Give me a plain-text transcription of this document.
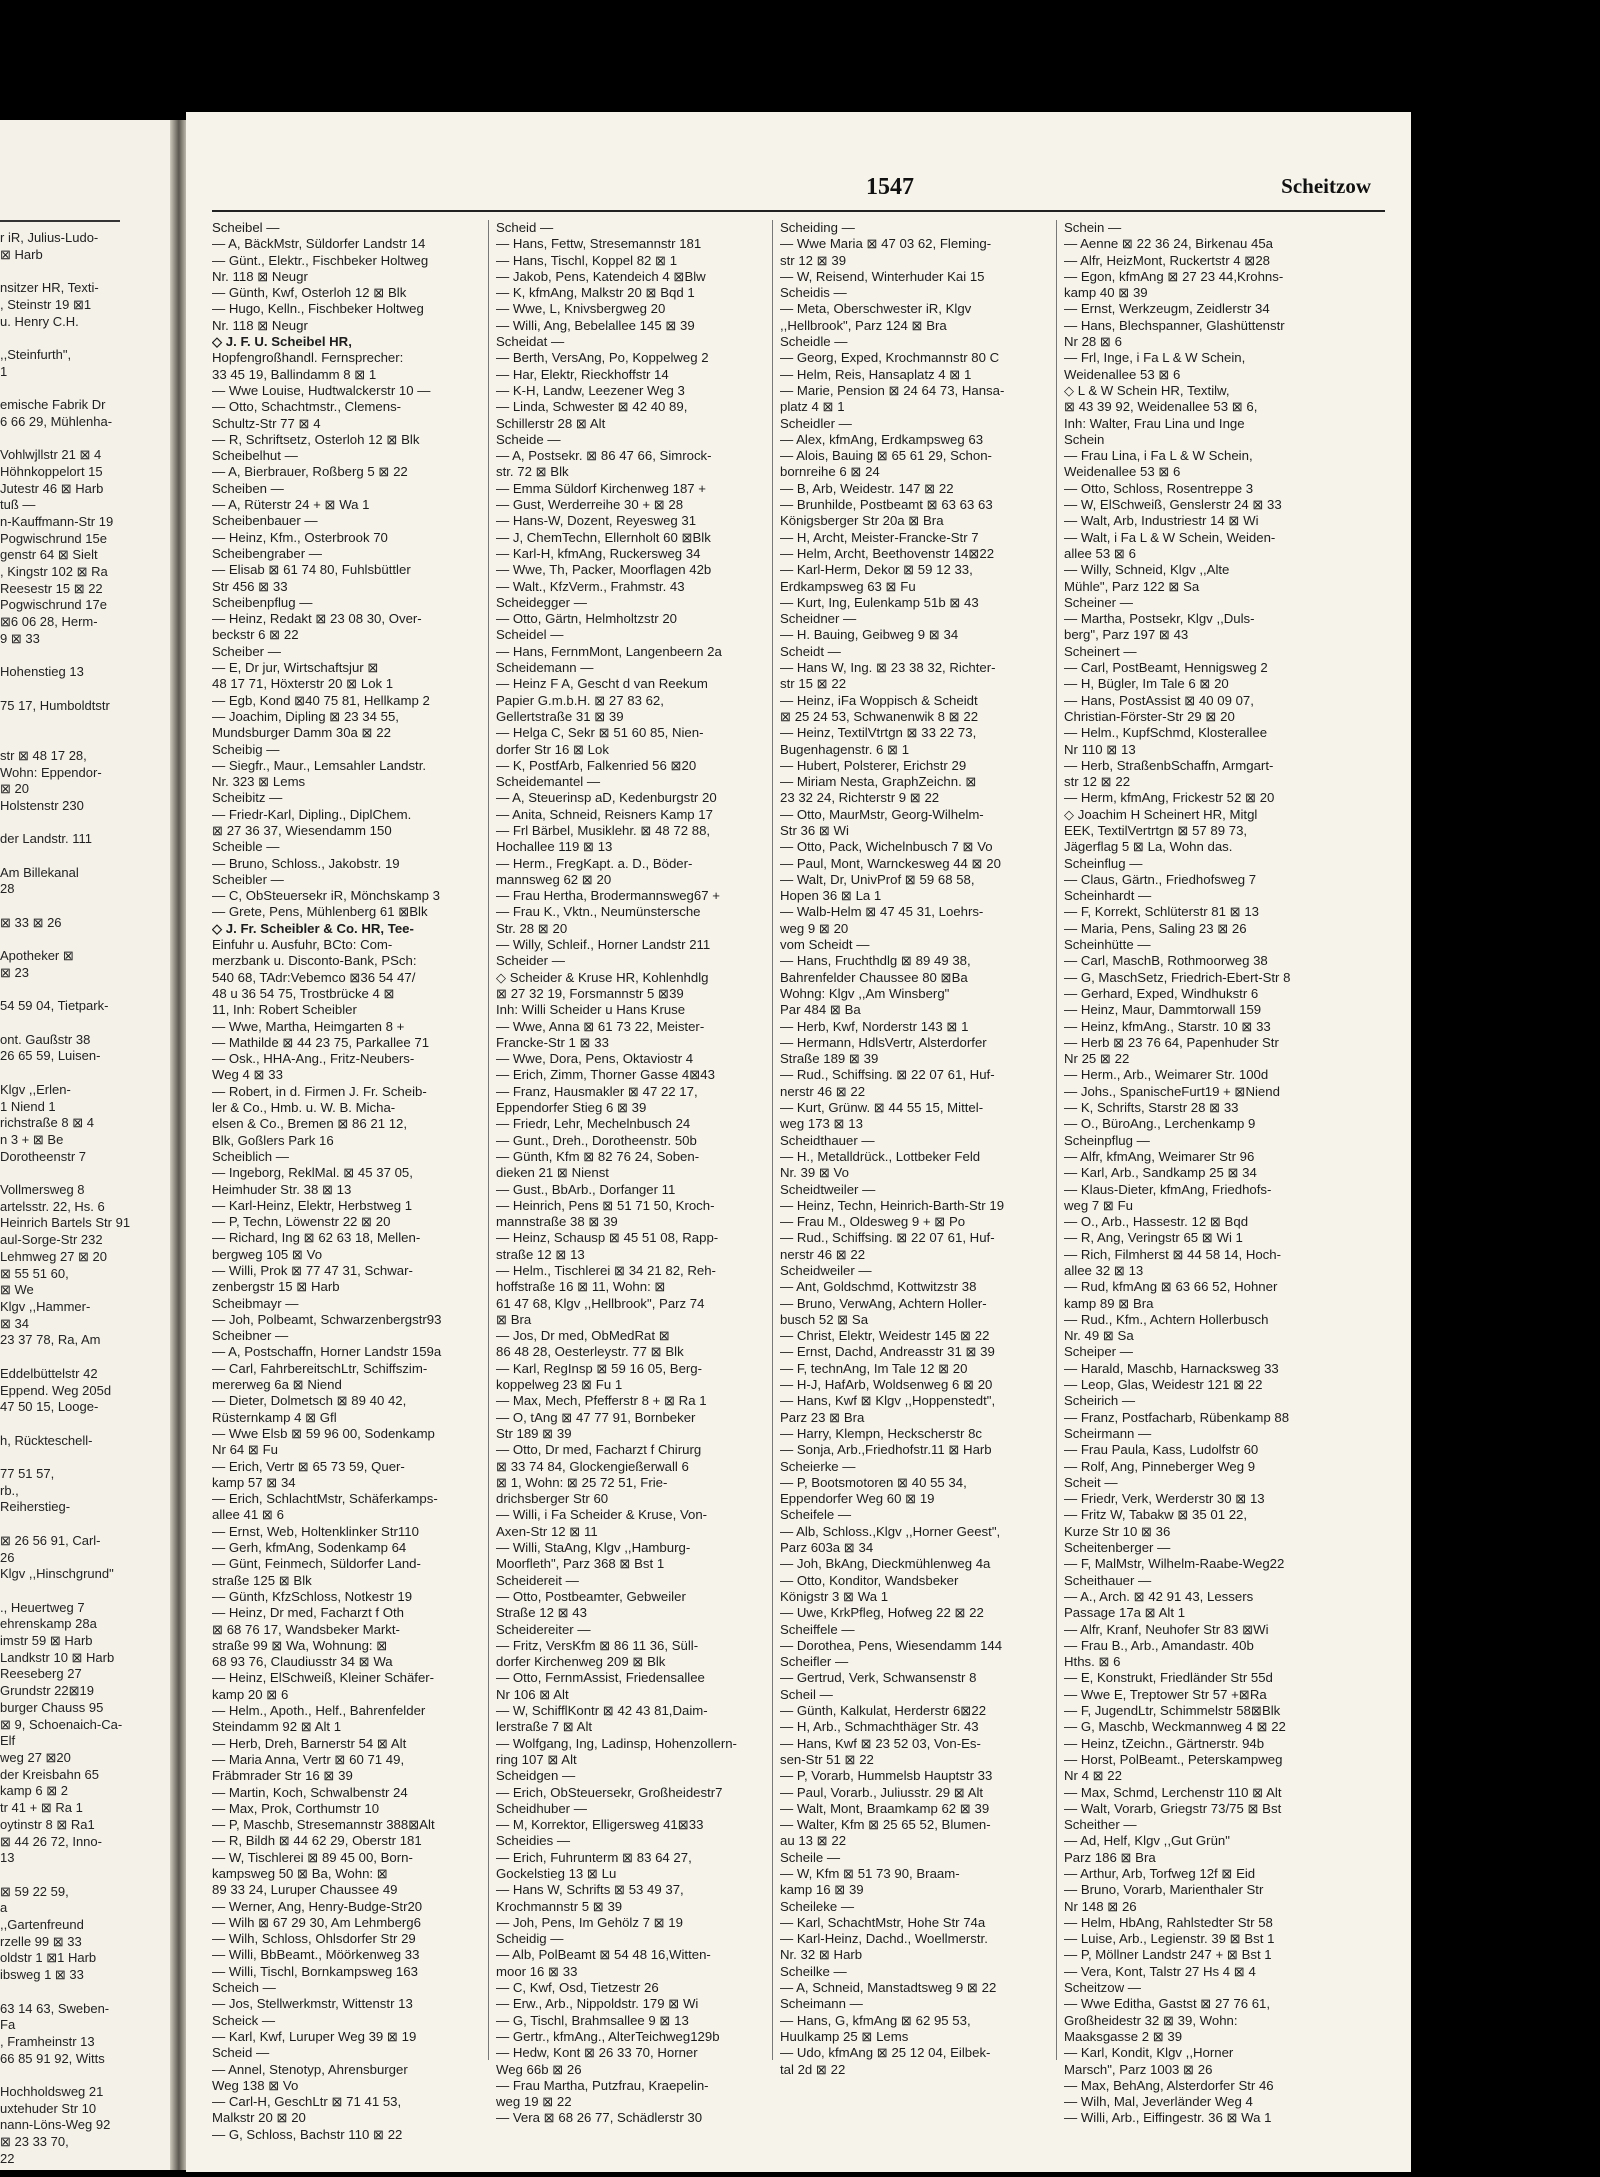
r iR, Julius-Ludo-
⊠ Harb

nsitzer HR, Texti-
, Steinstr 19 ⊠1
u. Henry C.H.

,,Steinfurth",
1

emische Fabrik Dr
6 66 29, Mühlenha-

Vohlwjllstr 21 ⊠ 4
Höhnkoppelort 15
Jutestr 46 ⊠ Harb
tuß —
n-Kauffmann-Str 19
Pogwischrund 15e
genstr 64 ⊠ Sielt
, Kingstr 102 ⊠ Ra
Reesestr 15 ⊠ 22
Pogwischrund 17e
⊠6 06 28, Herm-
9 ⊠ 33

Hohenstieg 13

75 17, Humboldtstr

str ⊠ 48 17 28,
Wohn: Eppendor-
⊠ 20
Holstenstr 230

der Landstr. 111

Am Billekanal
28

⊠ 33 ⊠ 26

Apotheker ⊠
⊠ 23

54 59 04, Tietpark-

ont. Gaußstr 38
26 65 59, Luisen-

Klgv ,,Erlen-
1 Niend 1
richstraße 8 ⊠ 4
n 3 + ⊠ Be
Dorotheenstr 7

Vollmersweg 8
artelsstr. 22, Hs. 6
Heinrich Bartels Str 91
aul-Sorge-Str 232
Lehmweg 27 ⊠ 20
⊠ 55 51 60,
⊠ We
Klgv ,,Hammer-
⊠ 34
23 37 78, Ra, Am

Eddelbüttelstr 42
Eppend. Weg 205d
47 50 15, Looge-

h, Rückteschell-

77 51 57,
rb.,
Reiherstieg-

⊠ 26 56 91, Carl-
26
Klgv ,,Hinschgrund"

., Heuertweg 7
ehrenskamp 28a
imstr 59 ⊠ Harb
Landkstr 10 ⊠ Harb
Reeseberg 27
Grundstr 22⊠19
burger Chauss 95
⊠ 9, Schoenaich-Ca-
Elf
weg 27 ⊠20
der Kreisbahn 65
kamp 6 ⊠ 2
tr 41 + ⊠ Ra 1
oytinstr 8 ⊠ Ra1
⊠ 44 26 72, Inno-
13

⊠ 59 22 59,
a
,,Gartenfreund
rzelle 99 ⊠ 33
oldstr 1 ⊠1 Harb
ibsweg 1 ⊠ 33

63 14 63, Sweben-
Fa
, Framheinstr 13
66 85 91 92, Witts

Hochholdsweg 21
uxtehuder Str 10
nann-Löns-Weg 92
⊠ 23 33 70,
22
1547	Scheitzow
Scheibel —
— A, BäckMstr, Süldorfer Landstr 14
— Günt., Elektr., Fischbeker Holtweg
Nr. 118 ⊠ Neugr
— Günth, Kwf, Osterloh 12 ⊠ Blk
— Hugo, Kelln., Fischbeker Holtweg
Nr. 118 ⊠ Neugr
◇ J. F. U. Scheibel HR,
Hopfengroßhandl. Fernsprecher:
33 45 19, Ballindamm 8 ⊠ 1
— Wwe Louise, Hudtwalckerstr 10 —
— Otto, Schachtmstr., Clemens-
Schultz-Str 77 ⊠ 4
— R, Schriftsetz, Osterloh 12 ⊠ Blk
Scheibelhut —
— A, Bierbrauer, Roßberg 5 ⊠ 22
Scheiben —
— A, Rüterstr 24 + ⊠ Wa 1
Scheibenbauer —
— Heinz, Kfm., Osterbrook 70
Scheibengraber —
— Elisab ⊠ 61 74 80, Fuhlsbüttler
Str 456 ⊠ 33
Scheibenpflug —
— Heinz, Redakt ⊠ 23 08 30, Over-
beckstr 6 ⊠ 22
Scheiber —
— E, Dr jur, Wirtschaftsjur ⊠
48 17 71, Höxterstr 20 ⊠ Lok 1
— Egb, Kond ⊠40 75 81, Hellkamp 2
— Joachim, Dipling ⊠ 23 34 55,
Mundsburger Damm 30a ⊠ 22
Scheibig —
— Siegfr., Maur., Lemsahler Landstr.
Nr. 323 ⊠ Lems
Scheibitz —
— Friedr-Karl, Dipling., DiplChem.
⊠ 27 36 37, Wiesendamm 150
Scheible —
— Bruno, Schloss., Jakobstr. 19
Scheibler —
— C, ObSteuersekr iR, Mönchskamp 3
— Grete, Pens, Mühlenberg 61 ⊠Blk
◇ J. Fr. Scheibler & Co. HR, Tee-
Einfuhr u. Ausfuhr, BCto: Com-
merzbank u. Disconto-Bank, PSch:
540 68, TAdr:Vebemco ⊠36 54 47/
48 u 36 54 75, Trostbrücke 4 ⊠
11, Inh: Robert Scheibler
— Wwe, Martha, Heimgarten 8 +
— Mathilde ⊠ 44 23 75, Parkallee 71
— Osk., HHA-Ang., Fritz-Neubers-
Weg 4 ⊠ 33
— Robert, in d. Firmen J. Fr. Scheib-
ler & Co., Hmb. u. W. B. Micha-
elsen & Co., Bremen ⊠ 86 21 12,
Blk, Goßlers Park 16
Scheiblich —
— Ingeborg, ReklMal. ⊠ 45 37 05,
Heimhuder Str. 38 ⊠ 13
— Karl-Heinz, Elektr, Herbstweg 1
— P, Techn, Löwenstr 22 ⊠ 20
— Richard, Ing ⊠ 62 63 18, Mellen-
bergweg 105 ⊠ Vo
— Willi, Prok ⊠ 77 47 31, Schwar-
zenbergstr 15 ⊠ Harb
Scheibmayr —
— Joh, Polbeamt, Schwarzenbergstr93
Scheibner —
— A, Postschaffn, Horner Landstr 159a
— Carl, FahrbereitschLtr, Schiffszim-
mererweg 6a ⊠ Niend
— Dieter, Dolmetsch ⊠ 89 40 42,
Rüsternkamp 4 ⊠ Gfl
— Wwe Elsb ⊠ 59 96 00, Sodenkamp
Nr 64 ⊠ Fu
— Erich, Vertr ⊠ 65 73 59, Quer-
kamp 57 ⊠ 34
— Erich, SchlachtMstr, Schäferkamps-
allee 41 ⊠ 6
— Ernst, Web, Holtenklinker Str110
— Gerh, kfmAng, Sodenkamp 64
— Günt, Feinmech, Süldorfer Land-
straße 125 ⊠ Blk
— Günth, KfzSchloss, Notkestr 19
— Heinz, Dr med, Facharzt f Oth
⊠ 68 76 17, Wandsbeker Markt-
straße 99 ⊠ Wa, Wohnung: ⊠
68 93 76, Claudiusstr 34 ⊠ Wa
— Heinz, ElSchweiß, Kleiner Schäfer-
kamp 20 ⊠ 6
— Helm., Apoth., Helf., Bahrenfelder
Steindamm 92 ⊠ Alt 1
— Herb, Dreh, Barnerstr 54 ⊠ Alt
— Maria Anna, Vertr ⊠ 60 71 49,
Fräbmrader Str 16 ⊠ 39
— Martin, Koch, Schwalbenstr 24
— Max, Prok, Corthumstr 10
— P, Maschb, Stresemannstr 388⊠Alt
— R, Bildh ⊠ 44 62 29, Oberstr 181
— W, Tischlerei ⊠ 89 45 00, Born-
kampsweg 50 ⊠ Ba, Wohn: ⊠
89 33 24, Luruper Chaussee 49
— Werner, Ang, Henry-Budge-Str20
— Wilh ⊠ 67 29 30, Am Lehmberg6
— Wilh, Schloss, Ohlsdorfer Str 29
— Willi, BbBeamt., Möörkenweg 33
— Willi, Tischl, Bornkampsweg 163
Scheich —
— Jos, Stellwerkmstr, Wittenstr 13
Scheick —
— Karl, Kwf, Luruper Weg 39 ⊠ 19
Scheid —
— Annel, Stenotyp, Ahrensburger
Weg 138 ⊠ Vo
— Carl-H, GeschLtr ⊠ 71 41 53,
Malkstr 20 ⊠ 20
— G, Schloss, Bachstr 110 ⊠ 22
Scheid —
— Hans, Fettw, Stresemannstr 181
— Hans, Tischl, Koppel 82 ⊠ 1
— Jakob, Pens, Katendeich 4 ⊠Blw
— K, kfmAng, Malkstr 20 ⊠ Bqd 1
— Wwe, L, Knivsbergweg 20
— Willi, Ang, Bebelallee 145 ⊠ 39
Scheidat —
— Berth, VersAng, Po, Koppelweg 2
— Har, Elektr, Rieckhoffstr 14
— K-H, Landw, Leezener Weg 3
— Linda, Schwester ⊠ 42 40 89,
Schillerstr 28 ⊠ Alt
Scheide —
— A, Postsekr. ⊠ 86 47 66, Simrock-
str. 72 ⊠ Blk
— Emma Süldorf Kirchenweg 187 +
— Gust, Werderreihe 30 + ⊠ 28
— Hans-W, Dozent, Reyesweg 31
— J, ChemTechn, Ellernholt 60 ⊠Blk
— Karl-H, kfmAng, Ruckersweg 34
— Wwe, Th, Packer, Moorflagen 42b
— Walt., KfzVerm., Frahmstr. 43
Scheidegger —
— Otto, Gärtn, Helmholtzstr 20
Scheidel —
— Hans, FernmMont, Langenbeern 2a
Scheidemann —
— Heinz F A, Gescht d van Reekum
Papier G.m.b.H. ⊠ 27 83 62,
Gellertstraße 31 ⊠ 39
— Helga C, Sekr ⊠ 51 60 85, Nien-
dorfer Str 16 ⊠ Lok
— K, PostfArb, Falkenried 56 ⊠20
Scheidemantel —
— A, Steuerinsp aD, Kedenburgstr 20
— Anita, Schneid, Reisners Kamp 17
— Frl Bärbel, Musiklehr. ⊠ 48 72 88,
Hochallee 119 ⊠ 13
— Herm., FregKapt. a. D., Böder-
mannsweg 62 ⊠ 20
— Frau Hertha, Brodermannsweg67 +
— Frau K., Vktn., Neumünstersche
Str. 28 ⊠ 20
— Willy, Schleif., Horner Landstr 211
Scheider —
◇ Scheider & Kruse HR, Kohlenhdlg
⊠ 27 32 19, Forsmannstr 5 ⊠39
Inh: Willi Scheider u Hans Kruse
— Wwe, Anna ⊠ 61 73 22, Meister-
Francke-Str 1 ⊠ 33
— Wwe, Dora, Pens, Oktaviostr 4
— Erich, Zimm, Thorner Gasse 4⊠43
— Franz, Hausmakler ⊠ 47 22 17,
Eppendorfer Stieg 6 ⊠ 39
— Friedr, Lehr, Mechelnbusch 24
— Gunt., Dreh., Dorotheenstr. 50b
— Günth, Kfm ⊠ 82 76 24, Soben-
dieken 21 ⊠ Nienst
— Gust., BbArb., Dorfanger 11
— Heinrich, Pens ⊠ 51 71 50, Kroch-
mannstraße 38 ⊠ 39
— Heinz, Schausp ⊠ 45 51 08, Rapp-
straße 12 ⊠ 13
— Helm., Tischlerei ⊠ 34 21 82, Reh-
hoffstraße 16 ⊠ 11, Wohn: ⊠
61 47 68, Klgv ,,Hellbrook", Parz 74
⊠ Bra
— Jos, Dr med, ObMedRat ⊠
86 48 28, Oesterleystr. 77 ⊠ Blk
— Karl, RegInsp ⊠ 59 16 05, Berg-
koppelweg 23 ⊠ Fu 1
— Max, Mech, Pfefferstr 8 + ⊠ Ra 1
— O, tAng ⊠ 47 77 91, Bornbeker
Str 189 ⊠ 39
— Otto, Dr med, Facharzt f Chirurg
⊠ 33 74 84, Glockengießerwall 6
⊠ 1, Wohn: ⊠ 25 72 51, Frie-
drichsberger Str 60
— Willi, i Fa Scheider & Kruse, Von-
Axen-Str 12 ⊠ 11
— Willi, StaAng, Klgv ,,Hamburg-
Moorfleth", Parz 368 ⊠ Bst 1
Scheidereit —
— Otto, Postbeamter, Gebweiler
Straße 12 ⊠ 43
Scheidereiter —
— Fritz, VersKfm ⊠ 86 11 36, Süll-
dorfer Kirchenweg 209 ⊠ Blk
— Otto, FernmAssist, Friedensallee
Nr 106 ⊠ Alt
— W, SchifflKontr ⊠ 42 43 81,Daim-
lerstraße 7 ⊠ Alt
— Wolfgang, Ing, Ladinsp, Hohenzollern-
ring 107 ⊠ Alt
Scheidgen —
— Erich, ObSteuersekr, Großheidestr7
Scheidhuber —
— M, Korrektor, Elligersweg 41⊠33
Scheidies —
— Erich, Fuhrunterm ⊠ 83 64 27,
Gockelstieg 13 ⊠ Lu
— Hans W, Schrifts ⊠ 53 49 37,
Krochmannstr 5 ⊠ 39
— Joh, Pens, Im Gehölz 7 ⊠ 19
Scheidig —
— Alb, PolBeamt ⊠ 54 48 16,Witten-
moor 16 ⊠ 33
— C, Kwf, Osd, Tietzestr 26
— Erw., Arb., Nippoldstr. 179 ⊠ Wi
— G, Tischl, Brahmsallee 9 ⊠ 13
— Gertr., kfmAng., AlterTeichweg129b
— Hedw, Kont ⊠ 26 33 70, Horner
Weg 66b ⊠ 26
— Frau Martha, Putzfrau, Kraepelin-
weg 19 ⊠ 22
— Vera ⊠ 68 26 77, Schädlerstr 30
Scheiding —
— Wwe Maria ⊠ 47 03 62, Fleming-
str 12 ⊠ 39
— W, Reisend, Winterhuder Kai 15
Scheidis —
— Meta, Oberschwester iR, Klgv
,,Hellbrook", Parz 124 ⊠ Bra
Scheidle —
— Georg, Exped, Krochmannstr 80 C
— Helm, Reis, Hansaplatz 4 ⊠ 1
— Marie, Pension ⊠ 24 64 73, Hansa-
platz 4 ⊠ 1
Scheidler —
— Alex, kfmAng, Erdkampsweg 63
— Alois, Bauing ⊠ 65 61 29, Schon-
bornreihe 6 ⊠ 24
— B, Arb, Weidestr. 147 ⊠ 22
— Brunhilde, Postbeamt ⊠ 63 63 63
Königsberger Str 20a ⊠ Bra
— H, Archt, Meister-Francke-Str 7
— Helm, Archt, Beethovenstr 14⊠22
— Karl-Herm, Dekor ⊠ 59 12 33,
Erdkampsweg 63 ⊠ Fu
— Kurt, Ing, Eulenkamp 51b ⊠ 43
Scheidner —
— H. Bauing, Geibweg 9 ⊠ 34
Scheidt —
— Hans W, Ing. ⊠ 23 38 32, Richter-
str 15 ⊠ 22
— Heinz, iFa Woppisch & Scheidt
⊠ 25 24 53, Schwanenwik 8 ⊠ 22
— Heinz, TextilVtrtgn ⊠ 33 22 73,
Bugenhagenstr. 6 ⊠ 1
— Hubert, Polsterer, Erichstr 29
— Miriam Nesta, GraphZeichn. ⊠
23 32 24, Richterstr 9 ⊠ 22
— Otto, MaurMstr, Georg-Wilhelm-
Str 36 ⊠ Wi
— Otto, Pack, Wichelnbusch 7 ⊠ Vo
— Paul, Mont, Warnckesweg 44 ⊠ 20
— Walt, Dr, UnivProf ⊠ 59 68 58,
Hopen 36 ⊠ La 1
— Walb-Helm ⊠ 47 45 31, Loehrs-
weg 9 ⊠ 20
vom Scheidt —
— Hans, Fruchthdlg ⊠ 89 49 38,
Bahrenfelder Chaussee 80 ⊠Ba
Wohng: Klgv ,,Am Winsberg"
Par 484 ⊠ Ba
— Herb, Kwf, Norderstr 143 ⊠ 1
— Hermann, HdlsVertr, Alsterdorfer
Straße 189 ⊠ 39
— Rud., Schiffsing. ⊠ 22 07 61, Huf-
nerstr 46 ⊠ 22
— Kurt, Grünw. ⊠ 44 55 15, Mittel-
weg 173 ⊠ 13
Scheidthauer —
— H., Metalldrück., Lottbeker Feld
Nr. 39 ⊠ Vo
Scheidtweiler —
— Heinz, Techn, Heinrich-Barth-Str 19
— Frau M., Oldesweg 9 + ⊠ Po
— Rud., Schiffsing. ⊠ 22 07 61, Huf-
nerstr 46 ⊠ 22
Scheidweiler —
— Ant, Goldschmd, Kottwitzstr 38
— Bruno, VerwAng, Achtern Holler-
busch 52 ⊠ Sa
— Christ, Elektr, Weidestr 145 ⊠ 22
— Ernst, Dachd, Andreasstr 31 ⊠ 39
— F, technAng, Im Tale 12 ⊠ 20
— H-J, HafArb, Woldsenweg 6 ⊠ 20
— Hans, Kwf ⊠ Klgv ,,Hoppenstedt",
Parz 23 ⊠ Bra
— Harry, Klempn, Heckscherstr 8c
— Sonja, Arb.,Friedhofstr.11 ⊠ Harb
Scheierke —
— P, Bootsmotoren ⊠ 40 55 34,
Eppendorfer Weg 60 ⊠ 19
Scheifele —
— Alb, Schloss.,Klgv ,,Horner Geest",
Parz 603a ⊠ 34
— Joh, BkAng, Dieckmühlenweg 4a
— Otto, Konditor, Wandsbeker
Königstr 3 ⊠ Wa 1
— Uwe, KrkPfleg, Hofweg 22 ⊠ 22
Scheiffele —
— Dorothea, Pens, Wiesendamm 144
Scheifler —
— Gertrud, Verk, Schwansenstr 8
Scheil —
— Günth, Kalkulat, Herderstr 6⊠22
— H, Arb., Schmachthäger Str. 43
— Hans, Kwf ⊠ 23 52 03, Von-Es-
sen-Str 51 ⊠ 22
— P, Vorarb, Hummelsb Hauptstr 33
— Paul, Vorarb., Juliusstr. 29 ⊠ Alt
— Walt, Mont, Braamkamp 62 ⊠ 39
— Walter, Kfm ⊠ 25 65 52, Blumen-
au 13 ⊠ 22
Scheile —
— W, Kfm ⊠ 51 73 90, Braam-
kamp 16 ⊠ 39
Scheileke —
— Karl, SchachtMstr, Hohe Str 74a
— Karl-Heinz, Dachd., Woellmerstr.
Nr. 32 ⊠ Harb
Scheilke —
— A, Schneid, Manstadtsweg 9 ⊠ 22
Scheimann —
— Hans, G, kfmAng ⊠ 62 95 53,
Huulkamp 25 ⊠ Lems
— Udo, kfmAng ⊠ 25 12 04, Eilbek-
tal 2d ⊠ 22
Schein —
— Aenne ⊠ 22 36 24, Birkenau 45a
— Alfr, HeizMont, Ruckertstr 4 ⊠28
— Egon, kfmAng ⊠ 27 23 44,Krohns-
kamp 40 ⊠ 39
— Ernst, Werkzeugm, Zeidlerstr 34
— Hans, Blechspanner, Glashüttenstr
Nr 28 ⊠ 6
— Frl, Inge, i Fa L & W Schein,
Weidenallee 53 ⊠ 6
◇ L & W Schein HR, Textilw,
⊠ 43 39 92, Weidenallee 53 ⊠ 6,
Inh: Walter, Frau Lina und Inge
Schein
— Frau Lina, i Fa L & W Schein,
Weidenallee 53 ⊠ 6
— Otto, Schloss, Rosentreppe 3
— W, ElSchweiß, Genslerstr 24 ⊠ 33
— Walt, Arb, Industriestr 14 ⊠ Wi
— Walt, i Fa L & W Schein, Weiden-
allee 53 ⊠ 6
— Willy, Schneid, Klgv ,,Alte
Mühle", Parz 122 ⊠ Sa
Scheiner —
— Martha, Postsekr, Klgv ,,Duls-
berg", Parz 197 ⊠ 43
Scheinert —
— Carl, PostBeamt, Hennigsweg 2
— H, Bügler, Im Tale 6 ⊠ 20
— Hans, PostAssist ⊠ 40 09 07,
Christian-Förster-Str 29 ⊠ 20
— Helm., KupfSchmd, Klosterallee
Nr 110 ⊠ 13
— Herb, StraßenbSchaffn, Armgart-
str 12 ⊠ 22
— Herm, kfmAng, Frickestr 52 ⊠ 20
◇ Joachim H Scheinert HR, Mitgl
EEK, TextilVertrtgn ⊠ 57 89 73,
Jägerflag 5 ⊠ La, Wohn das.
Scheinflug —
— Claus, Gärtn., Friedhofsweg 7
Scheinhardt —
— F, Korrekt, Schlüterstr 81 ⊠ 13
— Maria, Pens, Saling 23 ⊠ 26
Scheinhütte —
— Carl, MaschB, Rothmoorweg 38
— G, MaschSetz, Friedrich-Ebert-Str 8
— Gerhard, Exped, Windhukstr 6
— Heinz, Maur, Dammtorwall 159
— Heinz, kfmAng., Starstr. 10 ⊠ 33
— Herb ⊠ 23 76 64, Papenhuder Str
Nr 25 ⊠ 22
— Herm., Arb., Weimarer Str. 100d
— Johs., SpanischeFurt19 + ⊠Niend
— K, Schrifts, Starstr 28 ⊠ 33
— O., BüroAng., Lerchenkamp 9
Scheinpflug —
— Alfr, kfmAng, Weimarer Str 96
— Karl, Arb., Sandkamp 25 ⊠ 34
— Klaus-Dieter, kfmAng, Friedhofs-
weg 7 ⊠ Fu
— O., Arb., Hassestr. 12 ⊠ Bqd
— R, Ang, Veringstr 65 ⊠ Wi 1
— Rich, Filmherst ⊠ 44 58 14, Hoch-
allee 32 ⊠ 13
— Rud, kfmAng ⊠ 63 66 52, Hohner
kamp 89 ⊠ Bra
— Rud., Kfm., Achtern Hollerbusch
Nr. 49 ⊠ Sa
Scheiper —
— Harald, Maschb, Harnacksweg 33
— Leop, Glas, Weidestr 121 ⊠ 22
Scheirich —
— Franz, Postfacharb, Rübenkamp 88
Scheirmann —
— Frau Paula, Kass, Ludolfstr 60
— Rolf, Ang, Pinneberger Weg 9
Scheit —
— Friedr, Verk, Werderstr 30 ⊠ 13
— Fritz W, Tabakw ⊠ 35 01 22,
Kurze Str 10 ⊠ 36
Scheitenberger —
— F, MalMstr, Wilhelm-Raabe-Weg22
Scheithauer —
— A., Arch. ⊠ 42 91 43, Lessers
Passage 17a ⊠ Alt 1
— Alfr, Kranf, Neuhofer Str 83 ⊠Wi
— Frau B., Arb., Amandastr. 40b
Hths. ⊠ 6
— E, Konstrukt, Friedländer Str 55d
— Wwe E, Treptower Str 57 +⊠Ra
— F, JugendLtr, Schimmelstr 58⊠Blk
— G, Maschb, Weckmannweg 4 ⊠ 22
— Heinz, tZeichn., Gärtnerstr. 94b
— Horst, PolBeamt., Peterskampweg
Nr 4 ⊠ 22
— Max, Schmd, Lerchenstr 110 ⊠ Alt
— Walt, Vorarb, Griegstr 73/75 ⊠ Bst
Scheither —
— Ad, Helf, Klgv ,,Gut Grün"
Parz 186 ⊠ Bra
— Arthur, Arb, Torfweg 12f ⊠ Eid
— Bruno, Vorarb, Marienthaler Str
Nr 148 ⊠ 26
— Helm, HbAng, Rahlstedter Str 58
— Luise, Arb., Legienstr. 39 ⊠ Bst 1
— P, Möllner Landstr 247 + ⊠ Bst 1
— Vera, Kont, Talstr 27 Hs 4 ⊠ 4
Scheitzow —
— Wwe Editha, Gastst ⊠ 27 76 61,
Großheidestr 32 ⊠ 39, Wohn:
Maaksgasse 2 ⊠ 39
— Karl, Kondit, Klgv ,,Horner
Marsch", Parz 1003 ⊠ 26
— Max, BehAng, Alsterdorfer Str 46
— Wilh, Mal, Jeverländer Weg 4
— Willi, Arb., Eiffingestr. 36 ⊠ Wa 1
